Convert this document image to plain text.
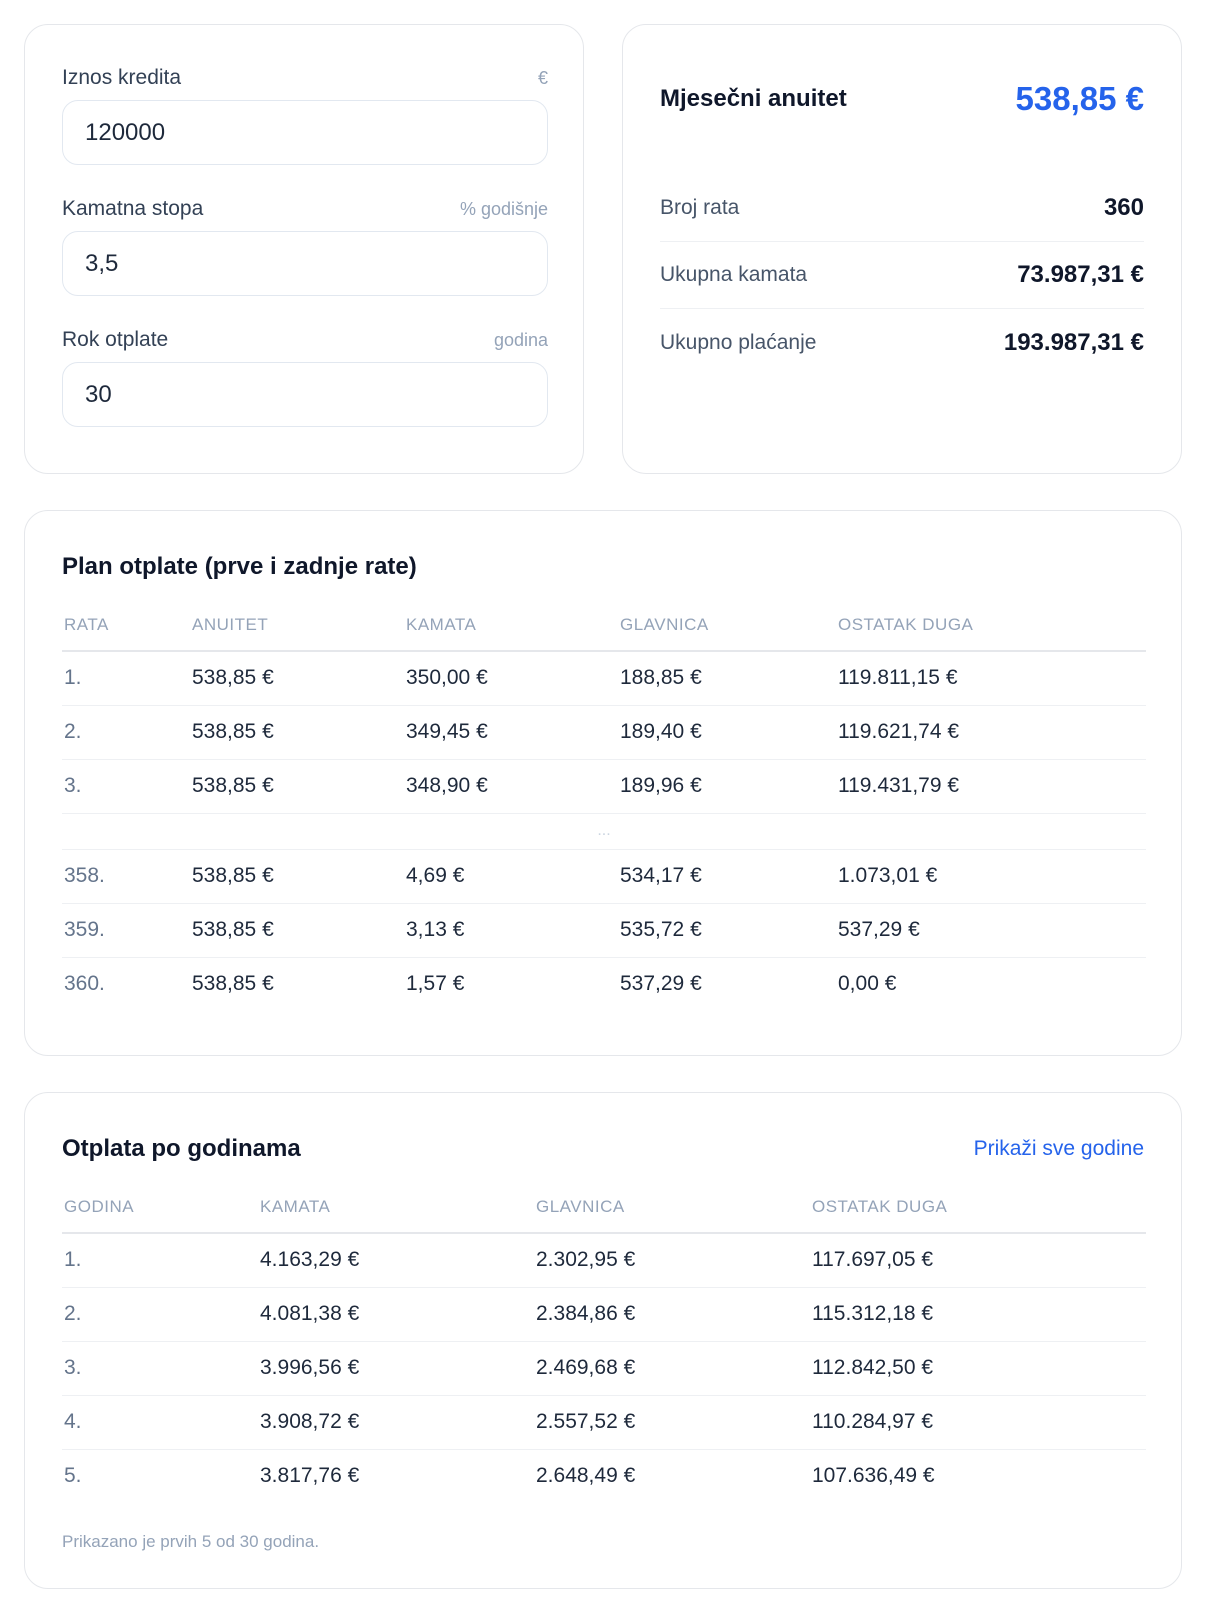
Iznos kredita	€
120000
Kamatna stopa	% godišnje
3,5
Rok otplate	godina
30
Mjesečni anuitet	538,85 €
Broj rata	360
Ukupna kamata	73.987,31 €
Ukupno plaćanje	193.987,31 €
Plan otplate (prve i zadnje rate)
RATA	ANUITET	KAMATA	GLAVNICA	OSTATAK DUGA
1.	538,85 €	350,00 €	188,85 €	119.811,15 €
2.	538,85 €	349,45 €	189,40 €	119.621,74 €
3.	538,85 €	348,90 €	189,96 €	119.431,79 €
...				
358.	538,85 €	4,69 €	534,17 €	1.073,01 €
359.	538,85 €	3,13 €	535,72 €	537,29 €
360.	538,85 €	1,57 €	537,29 €	0,00 €
Otplata po godinama	Prikaži sve godine
GODINA	KAMATA	GLAVNICA	OSTATAK DUGA
1.	4.163,29 €	2.302,95 €	117.697,05 €
2.	4.081,38 €	2.384,86 €	115.312,18 €
3.	3.996,56 €	2.469,68 €	112.842,50 €
4.	3.908,72 €	2.557,52 €	110.284,97 €
5.	3.817,76 €	2.648,49 €	107.636,49 €
Prikazano je prvih 5 od 30 godina.
